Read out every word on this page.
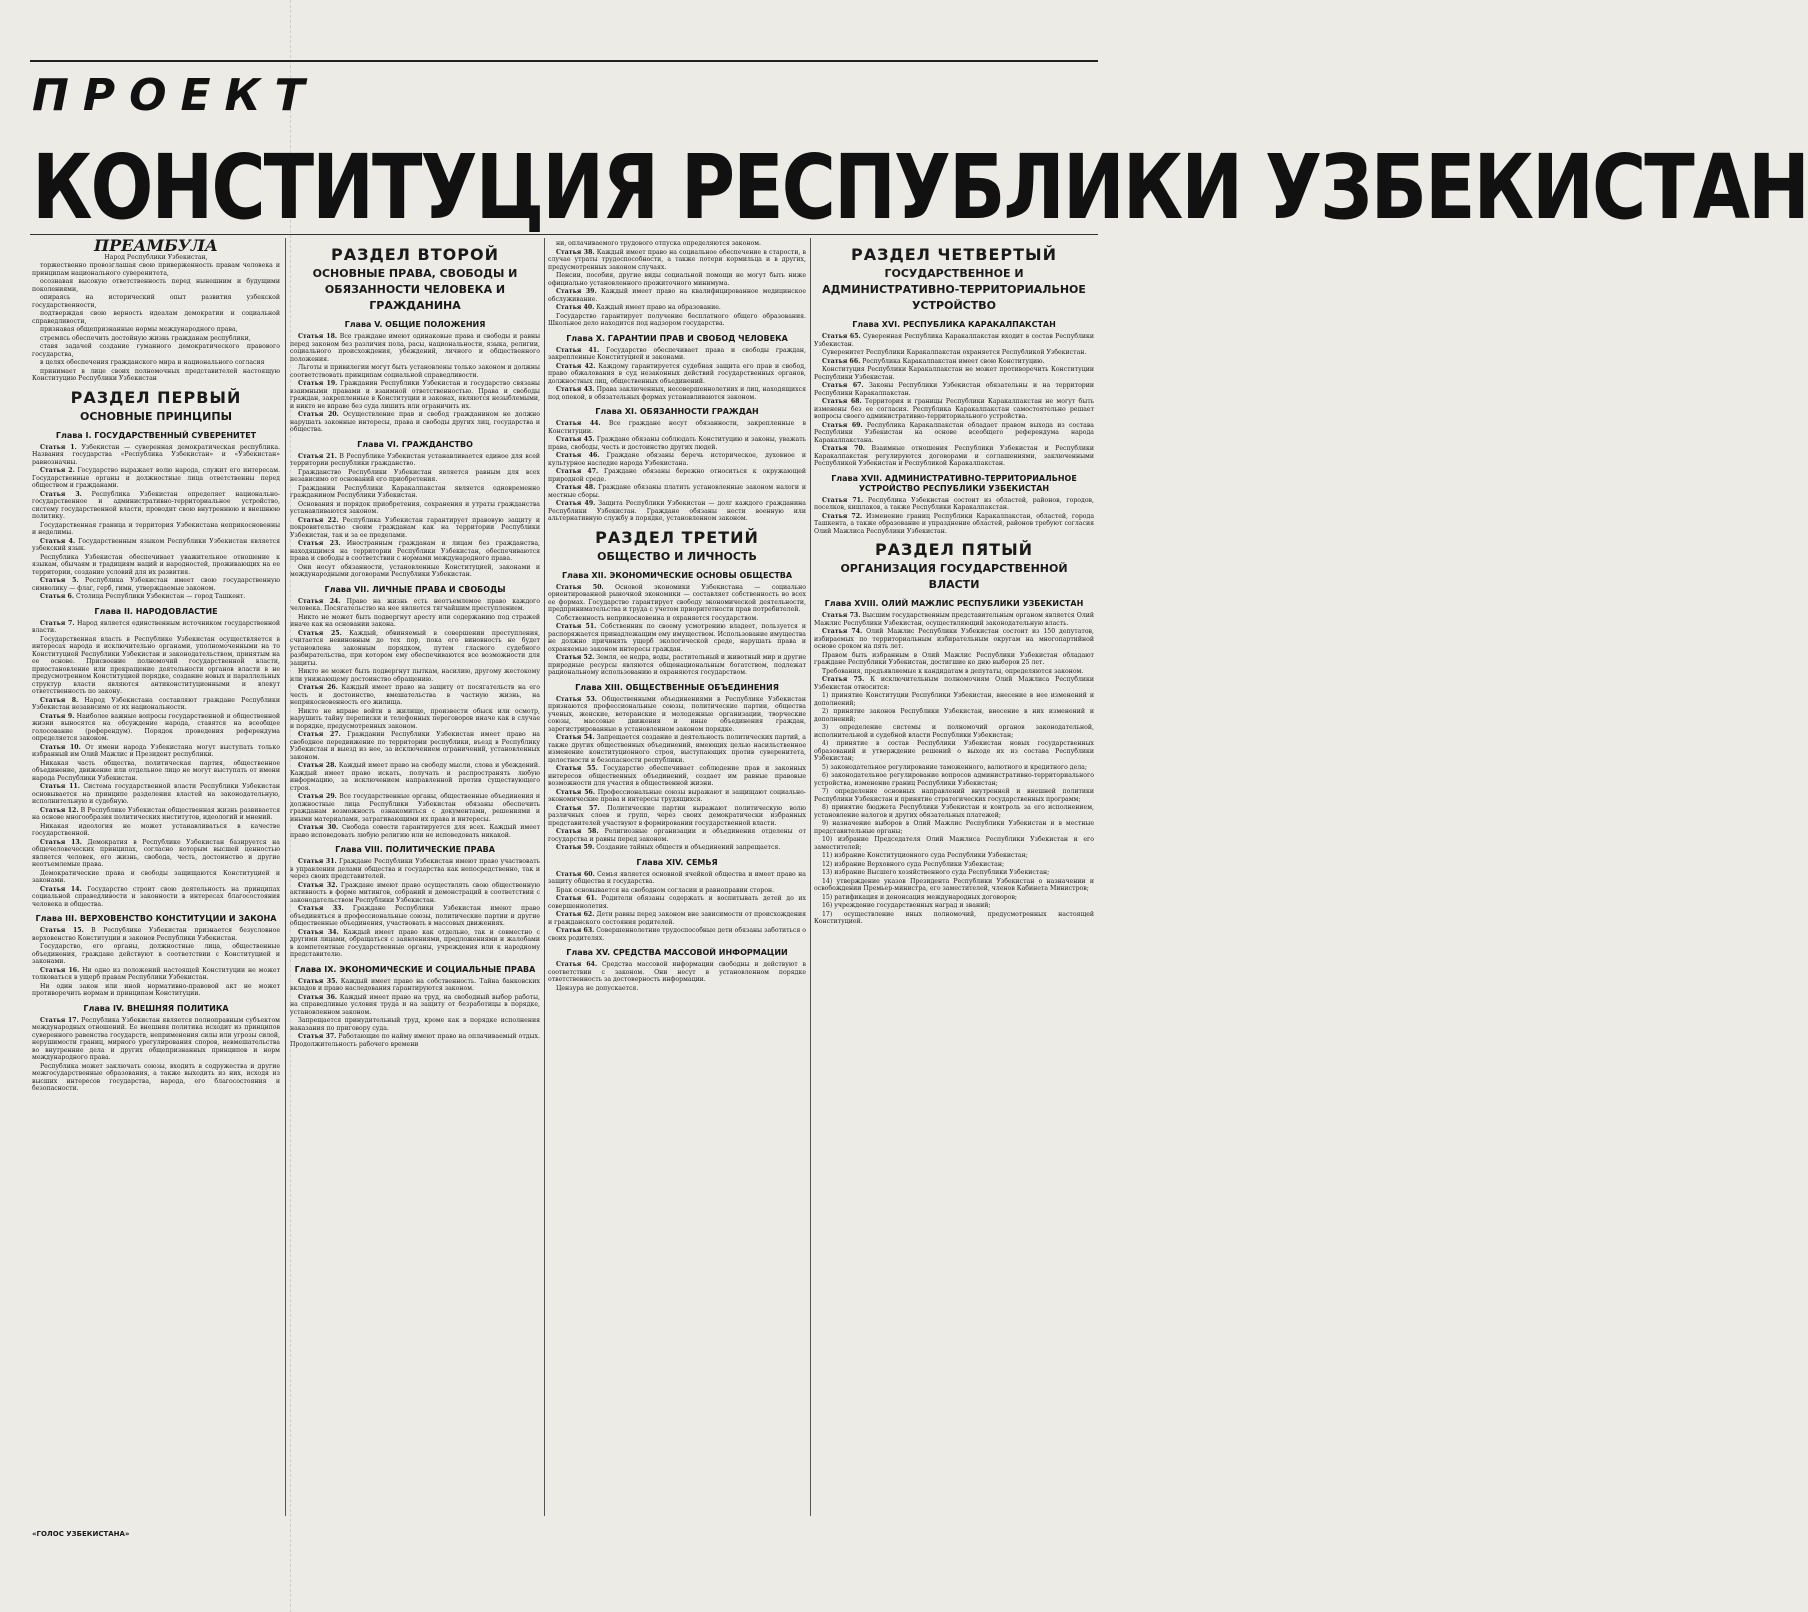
ПРОЕКТ
КОНСТИТУЦИЯ РЕСПУБЛИКИ УЗБЕКИСТАН
ПРЕАМБУЛА

Народ Республики Узбекистан,

торжественно провозглашая свою приверженность правам человека и принципам национального суверенитета,

осознавая высокую ответственность перед нынешним и будущими поколениями,

опираясь на исторический опыт развития узбекской государственности,

подтверждая свою верность идеалам демократии и социальной справедливости,

признавая общепризнанные нормы международного права,

стремясь обеспечить достойную жизнь гражданам республики,

ставя задачей создание гуманного демократического правового государства,

в целях обеспечения гражданского мира и национального согласия

принимает в лице своих полномочных представителей настоящую Конституцию Республики Узбекистан

РАЗДЕЛ ПЕРВЫЙ
ОСНОВНЫЕ ПРИНЦИПЫ
Глава I. ГОСУДАРСТВЕННЫЙ СУВЕРЕНИТЕТ

Статья 1. Узбекистан — суверенная демократическая республика. Названия государства «Республика Узбекистан» и «Узбекистан» равнозначны.

Статья 2. Государство выражает волю народа, служит его интересам. Государственные органы и должностные лица ответственны перед обществом и гражданами.

Статья 3. Республика Узбекистан определяет национально-государственное и административно-территориальное устройство, систему государственной власти, проводит свою внутреннюю и внешнюю политику.

Государственная граница и территория Узбекистана неприкосновенны и неделимы.

Статья 4. Государственным языком Республики Узбекистан является узбекский язык.

Республика Узбекистан обеспечивает уважительное отношение к языкам, обычаям и традициям наций и народностей, проживающих на ее территории, создание условий для их развития.

Статья 5. Республика Узбекистан имеет свою государственную символику — флаг, герб, гимн, утверждаемые законом.

Статья 6. Столица Республики Узбекистан — город Ташкент.

Глава II. НАРОДОВЛАСТИЕ

Статья 7. Народ является единственным источником государственной власти.

Государственная власть в Республике Узбекистан осуществляется в интересах народа и исключительно органами, уполномоченными на то Конституцией Республики Узбекистан и законодательством, принятым на ее основе. Присвоение полномочий государственной власти, приостановление или прекращение деятельности органов власти в не предусмотренном Конституцией порядке, создание новых и параллельных структур власти являются антиконституционными и влекут ответственность по закону.

Статья 8. Народ Узбекистана составляют граждане Республики Узбекистан независимо от их национальности.

Статья 9. Наиболее важные вопросы государственной и общественной жизни выносятся на обсуждение народа, ставятся на всеобщее голосование (референдум). Порядок проведения референдума определяется законом.

Статья 10. От имени народа Узбекистана могут выступать только избранный им Олий Мажлис и Президент республики.

Никакая часть общества, политическая партия, общественное объединение, движение или отдельное лицо не могут выступать от имени народа Республики Узбекистан.

Статья 11. Система государственной власти Республики Узбекистан основывается на принципе разделения властей на законодательную, исполнительную и судебную.

Статья 12. В Республике Узбекистан общественная жизнь развивается на основе многообразия политических институтов, идеологий и мнений.

Никакая идеология не может устанавливаться в качестве государственной.

Статья 13. Демократия в Республике Узбекистан базируется на общечеловеческих принципах, согласно которым высшей ценностью является человек, его жизнь, свобода, честь, достоинство и другие неотъемлемые права.

Демократические права и свободы защищаются Конституцией и законами.

Статья 14. Государство строит свою деятельность на принципах социальной справедливости и законности в интересах благосостояния человека и общества.

Глава III. ВЕРХОВЕНСТВО КОНСТИТУЦИИ И ЗАКОНА

Статья 15. В Республике Узбекистан признается безусловное верховенство Конституции и законов Республики Узбекистан.

Государство, его органы, должностные лица, общественные объединения, граждане действуют в соответствии с Конституцией и законами.

Статья 16. Ни одно из положений настоящей Конституции не может толковаться в ущерб правам Республики Узбекистан.

Ни один закон или иной нормативно-правовой акт не может противоречить нормам и принципам Конституции.

Глава IV. ВНЕШНЯЯ ПОЛИТИКА

Статья 17. Республика Узбекистан является полноправным субъектом международных отношений. Ее внешняя политика исходит из принципов суверенного равенства государств, неприменения силы или угрозы силой, нерушимости границ, мирного урегулирования споров, невмешательства во внутренние дела и других общепризнанных принципов и норм международного права.

Республика может заключать союзы, входить в содружества и другие межгосударственные образования, а также выходить из них, исходя из высших интересов государства, народа, его благосостояния и безопасности.

РАЗДЕЛ ВТОРОЙ
ОСНОВНЫЕ ПРАВА, СВОБОДЫ И ОБЯЗАННОСТИ ЧЕЛОВЕКА И ГРАЖДАНИНА
Глава V. ОБЩИЕ ПОЛОЖЕНИЯ

Статья 18. Все граждане имеют одинаковые права и свободы и равны перед законом без различия пола, расы, национальности, языка, религии, социального происхождения, убеждений, личного и общественного положения.

Льготы и привилегии могут быть установлены только законом и должны соответствовать принципам социальной справедливости.

Статья 19. Гражданин Республики Узбекистан и государство связаны взаимными правами и взаимной ответственностью. Права и свободы граждан, закрепленные в Конституции и законах, являются незыблемыми, и никто не вправе без суда лишить или ограничить их.

Статья 20. Осуществление прав и свобод гражданином не должно нарушать законные интересы, права и свободы других лиц, государства и общества.

Глава VI. ГРАЖДАНСТВО

Статья 21. В Республике Узбекистан устанавливается единое для всей территории республики гражданство.

Гражданство Республики Узбекистан является равным для всех независимо от оснований его приобретения.

Гражданин Республики Каракалпакстан является одновременно гражданином Республики Узбекистан.

Основания и порядок приобретения, сохранения и утраты гражданства устанавливаются законом.

Статья 22. Республика Узбекистан гарантирует правовую защиту и покровительство своим гражданам как на территории Республики Узбекистан, так и за ее пределами.

Статья 23. Иностранным гражданам и лицам без гражданства, находящимся на территории Республики Узбекистан, обеспечиваются права и свободы в соответствии с нормами международного права.

Они несут обязанности, установленные Конституцией, законами и международными договорами Республики Узбекистан.

Глава VII. ЛИЧНЫЕ ПРАВА И СВОБОДЫ

Статья 24. Право на жизнь есть неотъемлемое право каждого человека. Посягательство на нее является тягчайшим преступлением.

Никто не может быть подвергнут аресту или содержанию под стражей иначе как на основании закона.

Статья 25. Каждый, обвиняемый в совершении преступления, считается невиновным до тех пор, пока его виновность не будет установлена законным порядком, путем гласного судебного разбирательства, при котором ему обеспечиваются все возможности для защиты.

Никто не может быть подвергнут пыткам, насилию, другому жестокому или унижающему достоинство обращению.

Статья 26. Каждый имеет право на защиту от посягательств на его честь и достоинство, вмешательства в частную жизнь, на неприкосновенность его жилища.

Никто не вправе войти в жилище, произвести обыск или осмотр, нарушить тайну переписки и телефонных переговоров иначе как в случае и порядке, предусмотренных законом.

Статья 27. Гражданин Республики Узбекистан имеет право на свободное передвижение по территории республики, въезд в Республику Узбекистан и выезд из нее, за исключением ограничений, установленных законом.

Статья 28. Каждый имеет право на свободу мысли, слова и убеждений. Каждый имеет право искать, получать и распространять любую информацию, за исключением направленной против существующего строя.

Статья 29. Все государственные органы, общественные объединения и должностные лица Республики Узбекистан обязаны обеспечить гражданам возможность ознакомиться с документами, решениями и иными материалами, затрагивающими их права и интересы.

Статья 30. Свобода совести гарантируется для всех. Каждый имеет право исповедовать любую религию или не исповедовать никакой.

Глава VIII. ПОЛИТИЧЕСКИЕ ПРАВА

Статья 31. Граждане Республики Узбекистан имеют право участвовать в управлении делами общества и государства как непосредственно, так и через своих представителей.

Статья 32. Граждане имеют право осуществлять свою общественную активность в форме митингов, собраний и демонстраций в соответствии с законодательством Республики Узбекистан.

Статья 33. Граждане Республики Узбекистан имеют право объединяться в профессиональные союзы, политические партии и другие общественные объединения, участвовать в массовых движениях.

Статья 34. Каждый имеет право как отдельно, так и совместно с другими лицами, обращаться с заявлениями, предложениями и жалобами в компетентные государственные органы, учреждения или к народному представителю.

Глава IX. ЭКОНОМИЧЕСКИЕ И СОЦИАЛЬНЫЕ ПРАВА

Статья 35. Каждый имеет право на собственность. Тайна банковских вкладов и право наследования гарантируются законом.

Статья 36. Каждый имеет право на труд, на свободный выбор работы, на справедливые условия труда и на защиту от безработицы в порядке, установленном законом.

Запрещается принудительный труд, кроме как в порядке исполнения наказания по приговору суда.

Статья 37. Работающие по найму имеют право на оплачиваемый отдых. Продолжительность рабочего времени

ни, оплачиваемого трудового отпуска определяются законом.

Статья 38. Каждый имеет право на социальное обеспечение в старости, в случае утраты трудоспособности, а также потери кормильца и в других, предусмотренных законом случаях.

Пенсии, пособия, другие виды социальной помощи не могут быть ниже официально установленного прожиточного минимума.

Статья 39. Каждый имеет право на квалифицированное медицинское обслуживание.

Статья 40. Каждый имеет право на образование.

Государство гарантирует получение бесплатного общего образования. Школьное дело находится под надзором государства.

Глава X. ГАРАНТИИ ПРАВ И СВОБОД ЧЕЛОВЕКА

Статья 41. Государство обеспечивает права и свободы граждан, закрепленные Конституцией и законами.

Статья 42. Каждому гарантируется судебная защита его прав и свобод, право обжалования в суд незаконных действий государственных органов, должностных лиц, общественных объединений.

Статья 43. Права заключенных, несовершеннолетних и лиц, находящихся под опекой, в обязательных формах устанавливаются законом.

Глава XI. ОБЯЗАННОСТИ ГРАЖДАН

Статья 44. Все граждане несут обязанности, закрепленные в Конституции.

Статья 45. Граждане обязаны соблюдать Конституцию и законы, уважать права, свободы, честь и достоинство других людей.

Статья 46. Граждане обязаны беречь историческое, духовное и культурное наследие народа Узбекистана.

Статья 47. Граждане обязаны бережно относиться к окружающей природной среде.

Статья 48. Граждане обязаны платить установленные законом налоги и местные сборы.

Статья 49. Защита Республики Узбекистан — долг каждого гражданина Республики Узбекистан. Граждане обязаны нести военную или альтернативную службу в порядке, установленном законом.

РАЗДЕЛ ТРЕТИЙ
ОБЩЕСТВО И ЛИЧНОСТЬ
Глава XII. ЭКОНОМИЧЕСКИЕ ОСНОВЫ ОБЩЕСТВА

Статья 50. Основой экономики Узбекистана — социально ориентированной рыночной экономики — составляет собственность во всех ее формах. Государство гарантирует свободу экономической деятельности, предпринимательства и труда с учетом приоритетности прав потребителей.

Собственность неприкосновенна и охраняется государством.

Статья 51. Собственник по своему усмотрению владеет, пользуется и распоряжается принадлежащим ему имуществом. Использование имущества не должно причинять ущерб экологической среде, нарушать права и охраняемые законом интересы граждан.

Статья 52. Земля, ее недра, воды, растительный и животный мир и другие природные ресурсы являются общенациональным богатством, подлежат рациональному использованию и охраняются государством.

Глава XIII. ОБЩЕСТВЕННЫЕ ОБЪЕДИНЕНИЯ

Статья 53. Общественными объединениями в Республике Узбекистан признаются профессиональные союзы, политические партии, общества ученых, женские, ветеранские и молодежные организации, творческие союзы, массовые движения и иные объединения граждан, зарегистрированные в установленном законом порядке.

Статья 54. Запрещается создание и деятельность политических партий, а также других общественных объединений, имеющих целью насильственное изменение конституционного строя, выступающих против суверенитета, целостности и безопасности республики.

Статья 55. Государство обеспечивает соблюдение прав и законных интересов общественных объединений, создает им равные правовые возможности для участия в общественной жизни.

Статья 56. Профессиональные союзы выражают и защищают социально-экономические права и интересы трудящихся.

Статья 57. Политические партии выражают политическую волю различных слоев и групп, через своих демократически избранных представителей участвуют в формировании государственной власти.

Статья 58. Религиозные организации и объединения отделены от государства и равны перед законом.

Статья 59. Создание тайных обществ и объединений запрещается.

Глава XIV. СЕМЬЯ

Статья 60. Семья является основной ячейкой общества и имеет право на защиту общества и государства.

Брак основывается на свободном согласии и равноправии сторон.

Статья 61. Родители обязаны содержать и воспитывать детей до их совершеннолетия.

Статья 62. Дети равны перед законом вне зависимости от происхождения и гражданского состояния родителей.

Статья 63. Совершеннолетние трудоспособные дети обязаны заботиться о своих родителях.

Глава XV. СРЕДСТВА МАССОВОЙ ИНФОРМАЦИИ

Статья 64. Средства массовой информации свободны и действуют в соответствии с законом. Они несут в установленном порядке ответственность за достоверность информации.

Цензура не допускается.

РАЗДЕЛ ЧЕТВЕРТЫЙ
ГОСУДАРСТВЕННОЕ И АДМИНИСТРАТИВНО-ТЕРРИТОРИАЛЬНОЕ УСТРОЙСТВО
Глава XVI. РЕСПУБЛИКА КАРАКАЛПАКСТАН

Статья 65. Суверенная Республика Каракалпакстан входит в состав Республики Узбекистан.

Суверенитет Республики Каракалпакстан охраняется Республикой Узбекистан.

Статья 66. Республика Каракалпакстан имеет свою Конституцию.

Конституция Республики Каракалпакстан не может противоречить Конституции Республики Узбекистан.

Статья 67. Законы Республики Узбекистан обязательны и на территории Республики Каракалпакстан.

Статья 68. Территория и границы Республики Каракалпакстан не могут быть изменены без ее согласия. Республика Каракалпакстан самостоятельно решает вопросы своего административно-территориального устройства.

Статья 69. Республика Каракалпакстан обладает правом выхода из состава Республики Узбекистан на основе всеобщего референдума народа Каракалпакстана.

Статья 70. Взаимные отношения Республики Узбекистан и Республики Каракалпакстан регулируются договорами и соглашениями, заключенными Республикой Узбекистан и Республикой Каракалпакстан.

Глава XVII. АДМИНИСТРАТИВНО-ТЕРРИТОРИАЛЬНОЕ УСТРОЙСТВО РЕСПУБЛИКИ УЗБЕКИСТАН

Статья 71. Республика Узбекистан состоит из областей, районов, городов, поселков, кишлаков, а также Республики Каракалпакстан.

Статья 72. Изменение границ Республики Каракалпакстан, областей, города Ташкента, а также образование и упразднение областей, районов требуют согласия Олий Мажлиса Республики Узбекистан.

РАЗДЕЛ ПЯТЫЙ
ОРГАНИЗАЦИЯ ГОСУДАРСТВЕННОЙ ВЛАСТИ
Глава XVIII. ОЛИЙ МАЖЛИС РЕСПУБЛИКИ УЗБЕКИСТАН

Статья 73. Высшим государственным представительным органом является Олий Мажлис Республики Узбекистан, осуществляющий законодательную власть.

Статья 74. Олий Мажлис Республики Узбекистан состоит из 150 депутатов, избираемых по территориальным избирательным округам на многопартийной основе сроком на пять лет.

Правом быть избранным в Олий Мажлис Республики Узбекистан обладают граждане Республики Узбекистан, достигшие ко дню выборов 25 лет.

Требования, предъявляемые к кандидатам в депутаты, определяются законом.

Статья 75. К исключительным полномочиям Олий Мажлиса Республики Узбекистан относится:

1) принятие Конституции Республики Узбекистан, внесение в нее изменений и дополнений;

2) принятие законов Республики Узбекистан, внесение в них изменений и дополнений;

3) определение системы и полномочий органов законодательной, исполнительной и судебной власти Республики Узбекистан;

4) принятие в состав Республики Узбекистан новых государственных образований и утверждение решений о выходе их из состава Республики Узбекистан;

5) законодательное регулирование таможенного, валютного и кредитного дела;

6) законодательное регулирование вопросов административно-территориального устройства, изменение границ Республики Узбекистан;

7) определение основных направлений внутренней и внешней политики Республики Узбекистан и принятие стратегических государственных программ;

8) принятие бюджета Республики Узбекистан и контроль за его исполнением, установление налогов и других обязательных платежей;

9) назначение выборов в Олий Мажлис Республики Узбекистан и в местные представительные органы;

10) избрание Председателя Олий Мажлиса Республики Узбекистан и его заместителей;

11) избрание Конституционного суда Республики Узбекистан;

12) избрание Верховного суда Республики Узбекистан;

13) избрание Высшего хозяйственного суда Республики Узбекистан;

14) утверждение указов Президента Республики Узбекистан о назначении и освобождении Премьер-министра, его заместителей, членов Кабинета Министров;

15) ратификация и денонсация международных договоров;

16) учреждение государственных наград и званий;

17) осуществление иных полномочий, предусмотренных настоящей Конституцией.

«ГОЛОС УЗБЕКИСТАНА»
